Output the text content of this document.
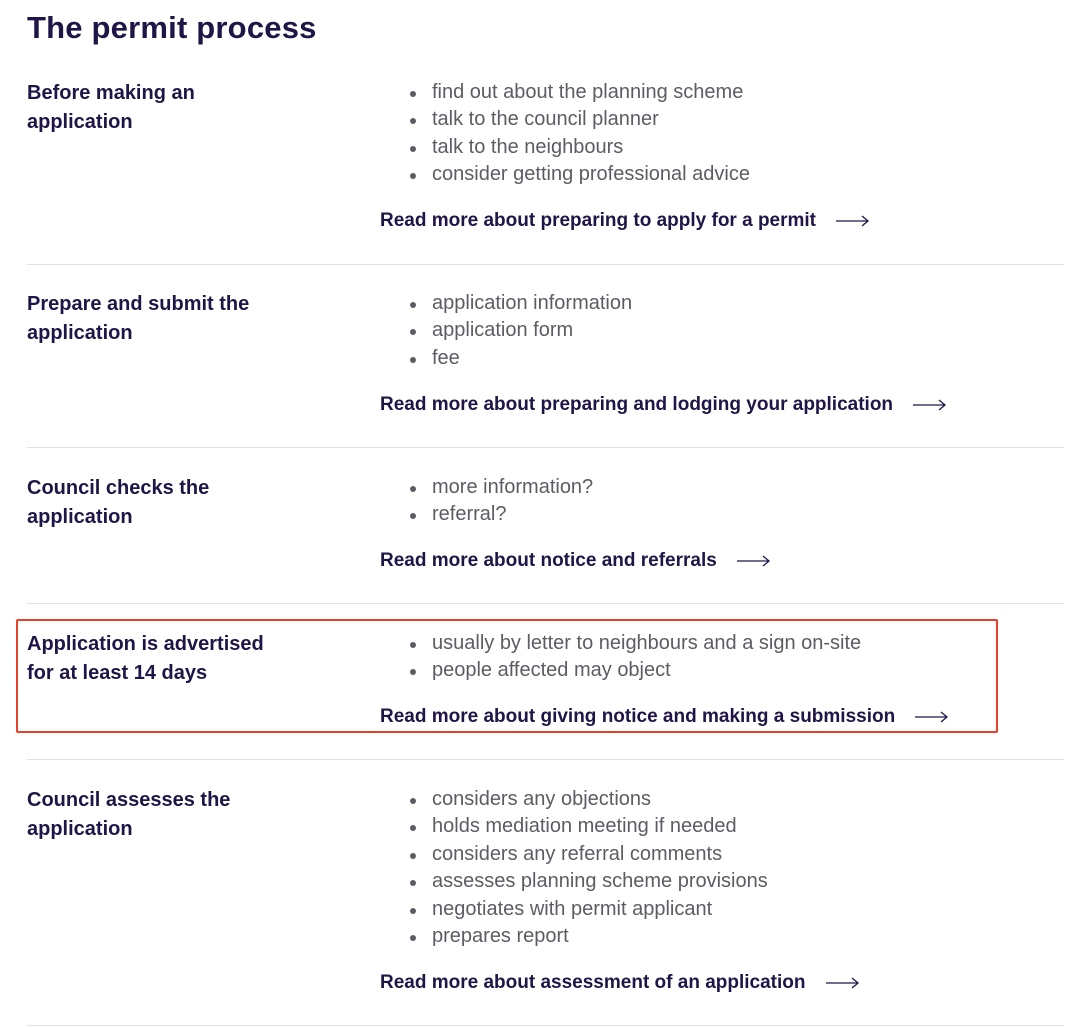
The permit process
Before making an application
find out about the planning scheme
talk to the council planner
talk to the neighbours
consider getting professional advice
Read more about preparing to apply for a permit
Prepare and submit the application
application information
application form
fee
Read more about preparing and lodging your application
Council checks the application
more information?
referral?
Read more about notice and referrals
Application is advertised for at least 14 days
usually by letter to neighbours and a sign on-site
people affected may object
Read more about giving notice and making a submission
Council assesses the application
considers any objections
holds mediation meeting if needed
considers any referral comments
assesses planning scheme provisions
negotiates with permit applicant
prepares report
Read more about assessment of an application
